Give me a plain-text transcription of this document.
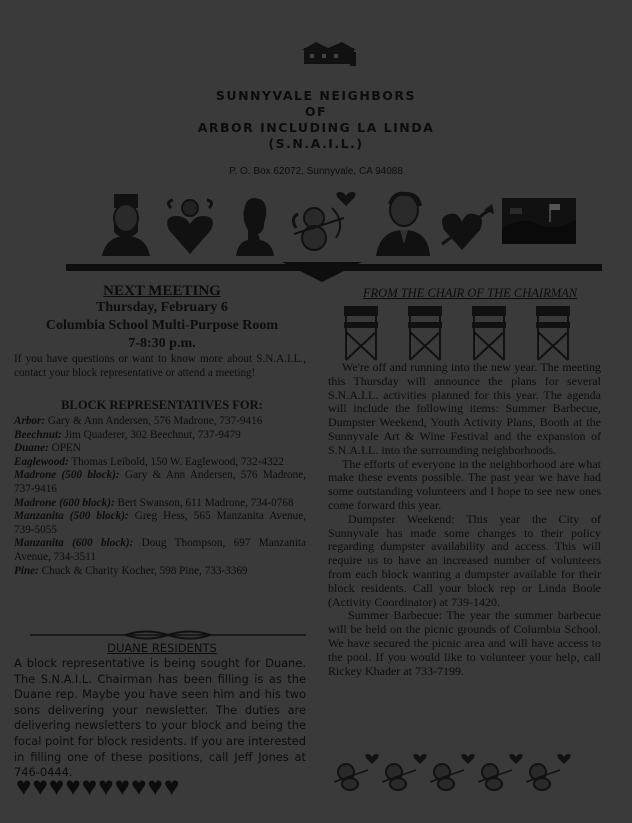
SUNNYVALE NEIGHBORS
OF
ARBOR INCLUDING LA LINDA
(S.N.A.I.L.)
P. O. Box 62072, Sunnyvale, CA 94088
NEXT MEETING
Thursday, February 6
Columbia School Multi-Purpose Room
7-8:30 p.m.
If you have questions or want to know more about S.N.A.I.L., contact your block representative or attend a meeting!
BLOCK REPRESENTATIVES FOR:
Arbor: Gary & Ann Andersen, 576 Madrone, 737-9416
Beechnut: Jim Quaderer, 302 Beechnut, 737-9479
Duane: OPEN
Eaglewood: Thomas Leibold, 150 W. Eaglewood, 732-4322
Madrone (500 block): Gary & Ann Andersen, 576 Madrone, 737-9416
Madrone (600 block): Bert Swanson, 611 Madrone, 734-0768
Manzanita (500 block): Greg Hess, 565 Manzanita Avenue, 739-5055
Manzanita (600 block): Doug Thompson, 697 Manzanita Avenue, 734-3511
Pine: Chuck & Charity Kocher, 598 Pine, 733-3369
DUANE RESIDENTS
A block representative is being sought for Duane. The S.N.A.I.L. Chairman has been filling is as the Duane rep. Maybe you have seen him and his two sons delivering your newsletter. The duties are delivering newsletters to your block and being the focal point for block residents. If you are interested in filling one of these positions, call Jeff Jones at 746-0444.
♥♥♥♥♥♥♥♥♥♥
FROM THE CHAIR OF THE CHAIRMAN

We're off and running into the new year. The meeting this Thursday will announce the plans for several S.N.A.I.L. activities planned for this year. The agenda will include the following items: Summer Barbecue, Dumpster Weekend, Youth Activity Plans, Booth at the Sunnyvale Art & Wine Festival and the expansion of S.N.A.I.L. into the surrounding neighborhoods.

The efforts of everyone in the neighborhood are what make these events possible. The past year we have had some outstanding volunteers and I hope to see new ones come forward this year.

Dumpster Weekend: This year the City of Sunnyvale has made some changes to their policy regarding dumpster availability and access. This will require us to have an increased number of volunteers from each block wanting a dumpster available for their block residents. Call your block rep or Linda Boole (Activity Coordinator) at 739-1420.

Summer Barbecue: The year the summer barbecue will be held on the picnic grounds of Columbia School. We have secured the picnic area and will have access to the pool. If you would like to volunteer your help, call Rickey Khader at 733-7199.
